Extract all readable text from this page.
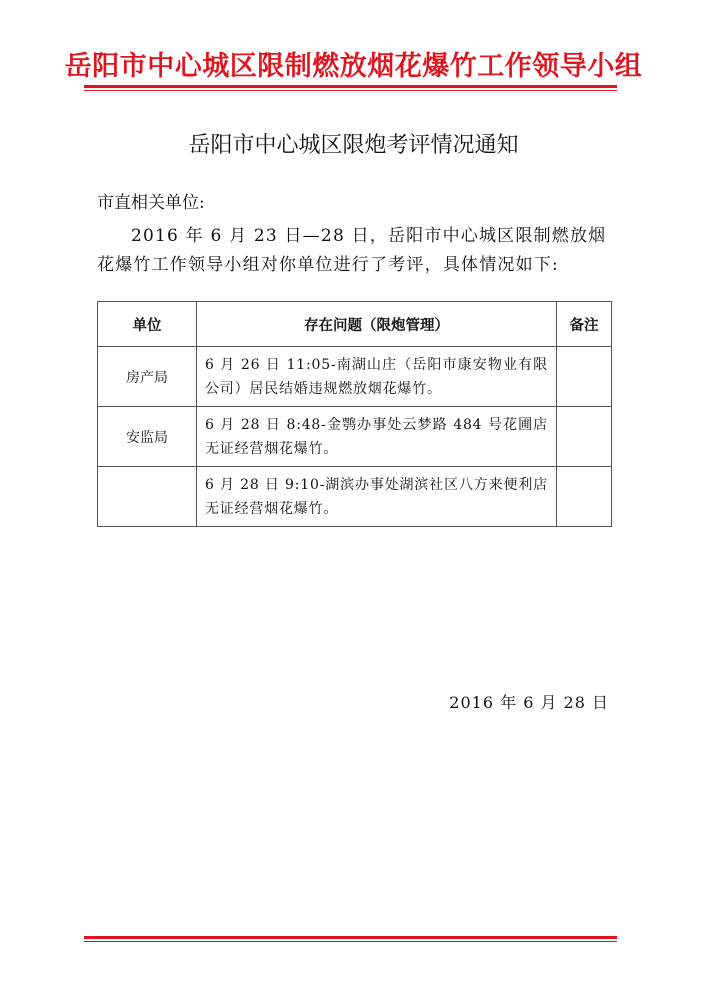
岳阳市中心城区限制燃放烟花爆竹工作领导小组
岳阳市中心城区限炮考评情况通知
市直相关单位:
2016 年 6 月 23 日—28 日，岳阳市中心城区限制燃放烟花爆竹工作领导小组对你单位进行了考评，具体情况如下:
单位	存在问题（限炮管理）	备注
房产局	6 月 26 日 11:05-南湖山庄（岳阳市康安物业有限公司）居民结婚违规燃放烟花爆竹。	
安监局	6 月 28 日 8:48-金鹗办事处云梦路 484 号花圃店无证经营烟花爆竹。	
	6 月 28 日 9:10-湖滨办事处湖滨社区八方来便利店无证经营烟花爆竹。	
2016 年 6 月 28 日
